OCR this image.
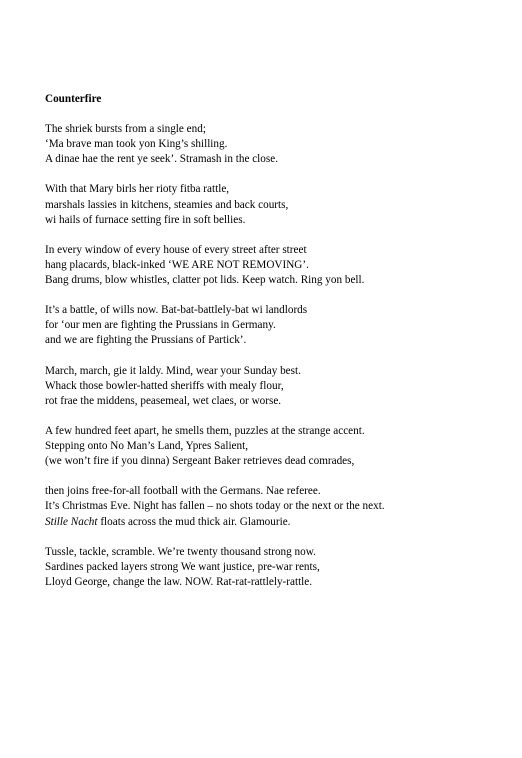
Counterfire
The shriek bursts from a single end;
‘Ma brave man took yon King’s shilling.
A dinae hae the rent ye seek’. Stramash in the close.
With that Mary birls her rioty fitba rattle,
marshals lassies in kitchens, steamies and back courts,
wi hails of furnace setting fire in soft bellies.
In every window of every house of every street after street
hang placards, black-inked ‘WE ARE NOT REMOVING’.
Bang drums, blow whistles, clatter pot lids. Keep watch. Ring yon bell.
It’s a battle, of wills now. Bat-bat-battlely-bat wi landlords
for ‘our men are fighting the Prussians in Germany.
and we are fighting the Prussians of Partick’.
March, march, gie it laldy. Mind, wear your Sunday best.
Whack those bowler-hatted sheriffs with mealy flour,
rot frae the middens, peasemeal, wet claes, or worse.
A few hundred feet apart, he smells them, puzzles at the strange accent.
Stepping onto No Man’s Land, Ypres Salient,
(we won’t fire if you dinna) Sergeant Baker retrieves dead comrades,
then joins free-for-all football with the Germans. Nae referee.
It’s Christmas Eve. Night has fallen – no shots today or the next or the next.
Stille Nacht floats across the mud thick air. Glamourie.
Tussle, tackle, scramble. We’re twenty thousand strong now.
Sardines packed layers strong We want justice, pre-war rents,
Lloyd George, change the law. NOW. Rat-rat-rattlely-rattle.
